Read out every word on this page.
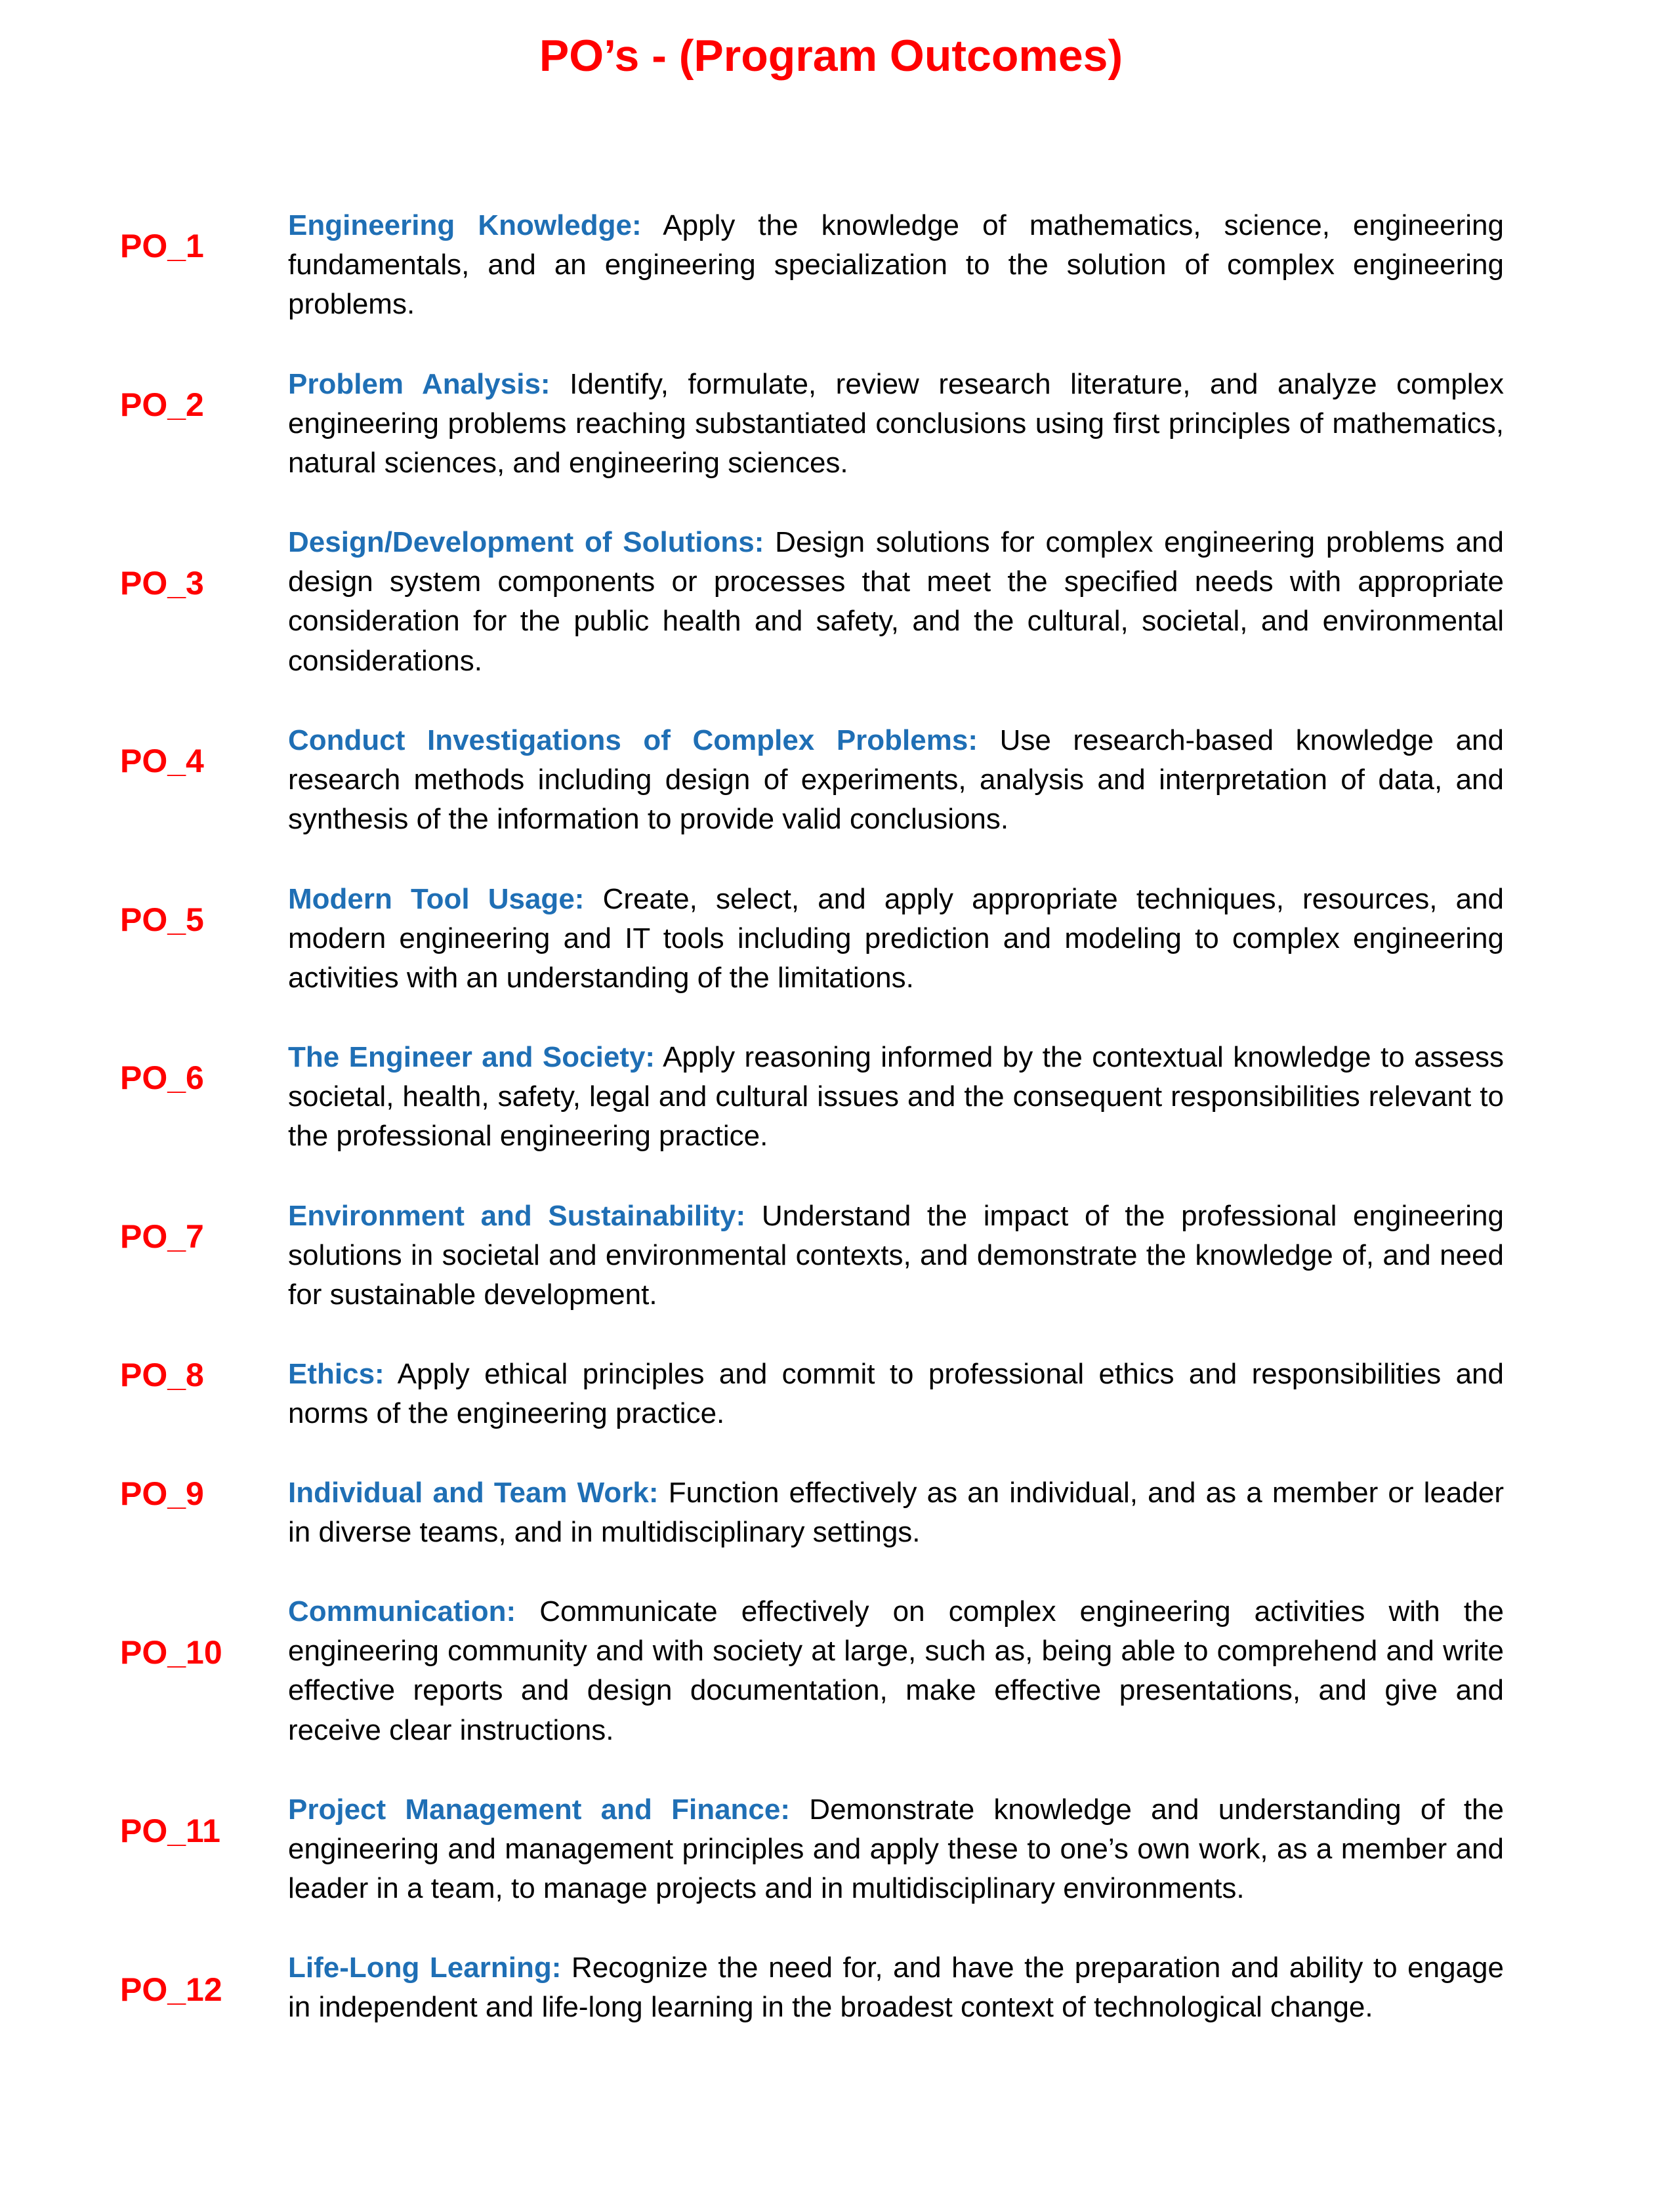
PO’s - (Program Outcomes)
PO_1

Engineering Knowledge: Apply the knowledge of mathematics, science, engineering fundamentals, and an engineering specialization to the solution of complex engineering problems.

PO_2

Problem Analysis: Identify, formulate, review research literature, and analyze complex engineering problems reaching substantiated conclusions using first principles of mathematics, natural sciences, and engineering sciences.

PO_3

Design/Development of Solutions: Design solutions for complex engineering problems and design system components or processes that meet the specified needs with appropriate consideration for the public health and safety, and the cultural, societal, and environmental considerations.

PO_4

Conduct Investigations of Complex Problems: Use research-based knowledge and research methods including design of experiments, analysis and interpretation of data, and synthesis of the information to provide valid conclusions.

PO_5

Modern Tool Usage: Create, select, and apply appropriate techniques, resources, and modern engineering and IT tools including prediction and modeling to complex engineering activities with an understanding of the limitations.

PO_6

The Engineer and Society: Apply reasoning informed by the contextual knowledge to assess societal, health, safety, legal and cultural issues and the consequent responsibilities relevant to the professional engineering practice.

PO_7

Environment and Sustainability: Understand the impact of the professional engineering solutions in societal and environmental contexts, and demonstrate the knowledge of, and need for sustainable development.

PO_8	Ethics: Apply ethical principles and commit to professional ethics and responsibilities and norms of the engineering practice.

PO_9	Individual and Team Work: Function effectively as an individual, and as a member or leader in diverse teams, and in multidisciplinary settings.

PO_10

Communication: Communicate effectively on complex engineering activities with the engineering community and with society at large, such as, being able to comprehend and write effective reports and design documentation, make effective presentations, and give and receive clear instructions.

PO_11

Project Management and Finance: Demonstrate knowledge and understanding of the engineering and management principles and apply these to one’s own work, as a member and leader in a team, to manage projects and in multidisciplinary environments.

PO_12

Life-Long Learning: Recognize the need for, and have the preparation and ability to engage in independent and life-long learning in the broadest context of technological change.
